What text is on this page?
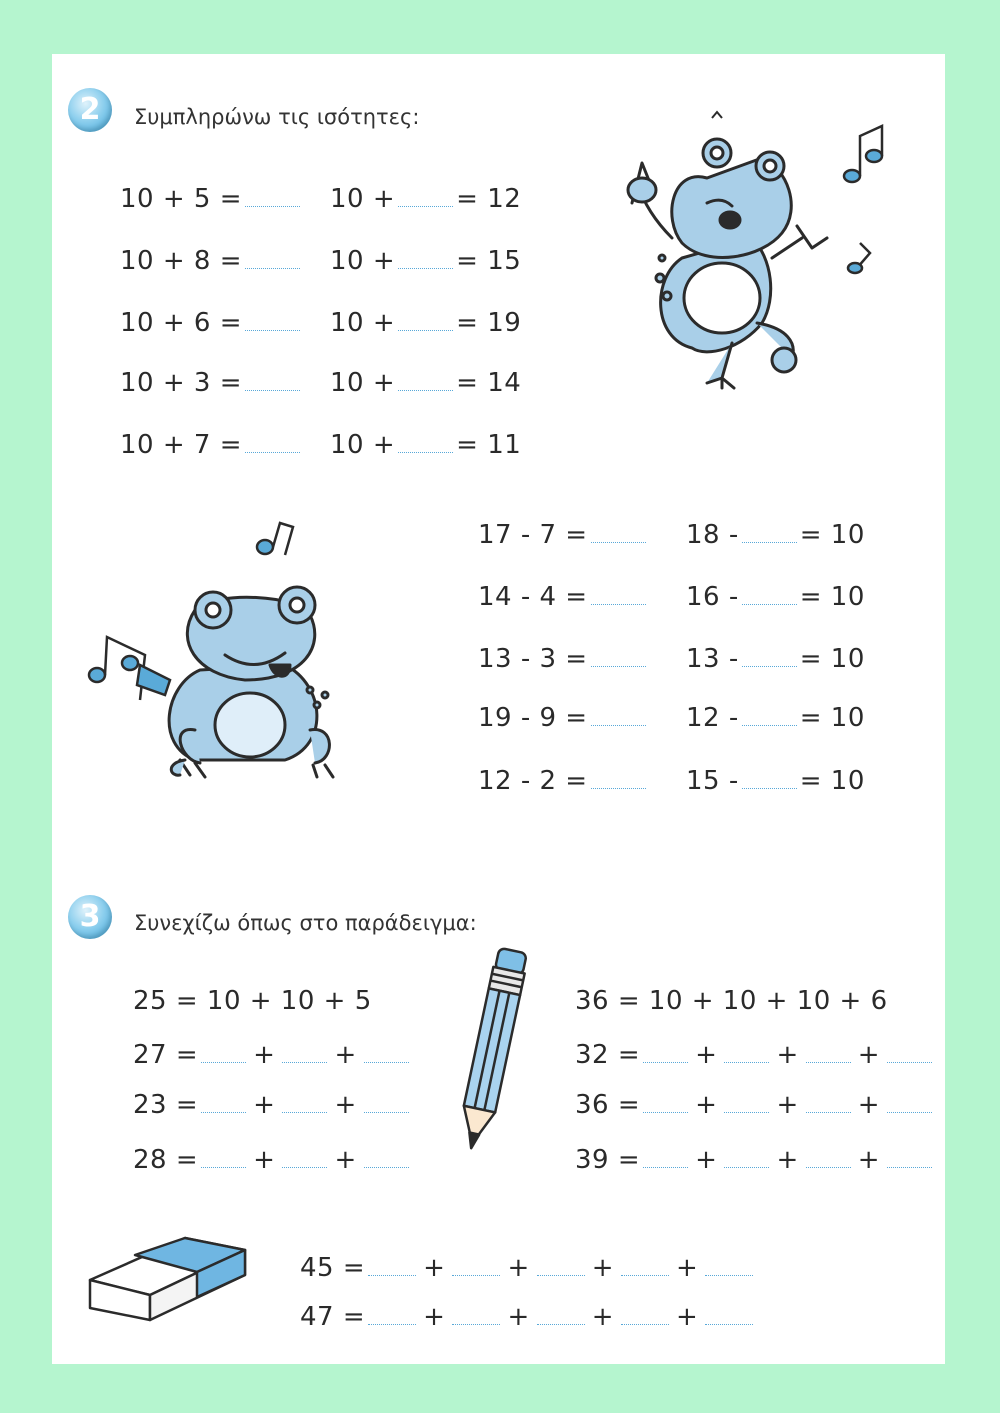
2	Συμπληρώνω τις ισότητες:
10 + 5 =
10 + 8 =
10 + 6 =
10 + 3 =
10 + 7 =
10 + = 12
10 + = 15
10 + = 19
10 + = 14
10 + = 11
17 - 7 =
14 - 4 =
13 - 3 =
19 - 9 =
12 - 2 =
18 - = 10
16 - = 10
13 - = 10
12 - = 10
15 - = 10
3	Συνεχίζω όπως στο παράδειγμα:
25 = 10 + 10 + 5
27 = + +
23 = + +
28 = + +
36 = 10 + 10 + 10 + 6
32 = + + +
36 = + + +
39 = + + +
45 = + + + +
47 = + + + +
